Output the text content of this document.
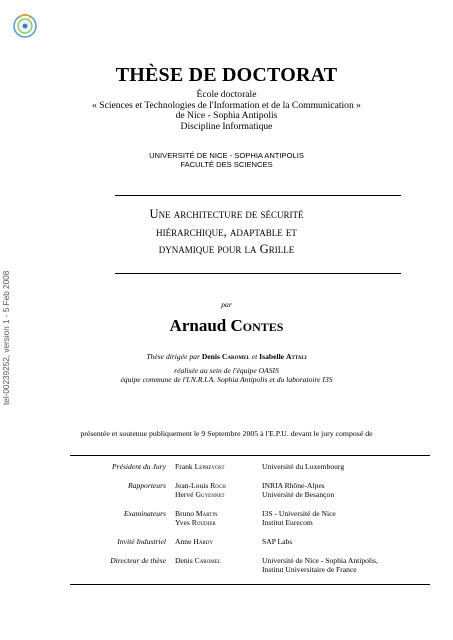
tel-00239252, version 1 - 5 Feb 2008
THÈSE DE DOCTORAT
École doctorale
« Sciences et Technologies de l'Information et de la Communication »
de Nice - Sophia Antipolis
Discipline Informatique
UNIVERSITÉ DE NICE - SOPHIA ANTIPOLIS
FACULTÉ DES SCIENCES
Une architecture de sécurité
hiérarchique, adaptable et
dynamique pour la Grille
par
Arnaud Contes
Thèse dirigée par Denis Caromel et Isabelle Attali
réalisée au sein de l'équipe OASIS
équipe commune de l'I.N.R.I.A. Sophia Antipolis et du laboratoire I3S
présentée et soutenue publiquement le 9 Septembre 2005 à l'E.P.U. devant le jury composé de

Président du Jury	Frank Leprevost	Université du Luxembourg
Rapporteurs	Jean-Louis Roch	INRIA Rhône-Alpes
	Hervé Guyennet	Université de Besançon
Examinateurs	Bruno Martin	I3S - Université de Nice
	Yves Roudier	Institut Eurecom
Invité Industriel	Anne Hardy	SAP Labs
Directeur de thèse	Denis Caromel	Université de Nice - Sophia Antipolis,
		Institut Universitaire de France
